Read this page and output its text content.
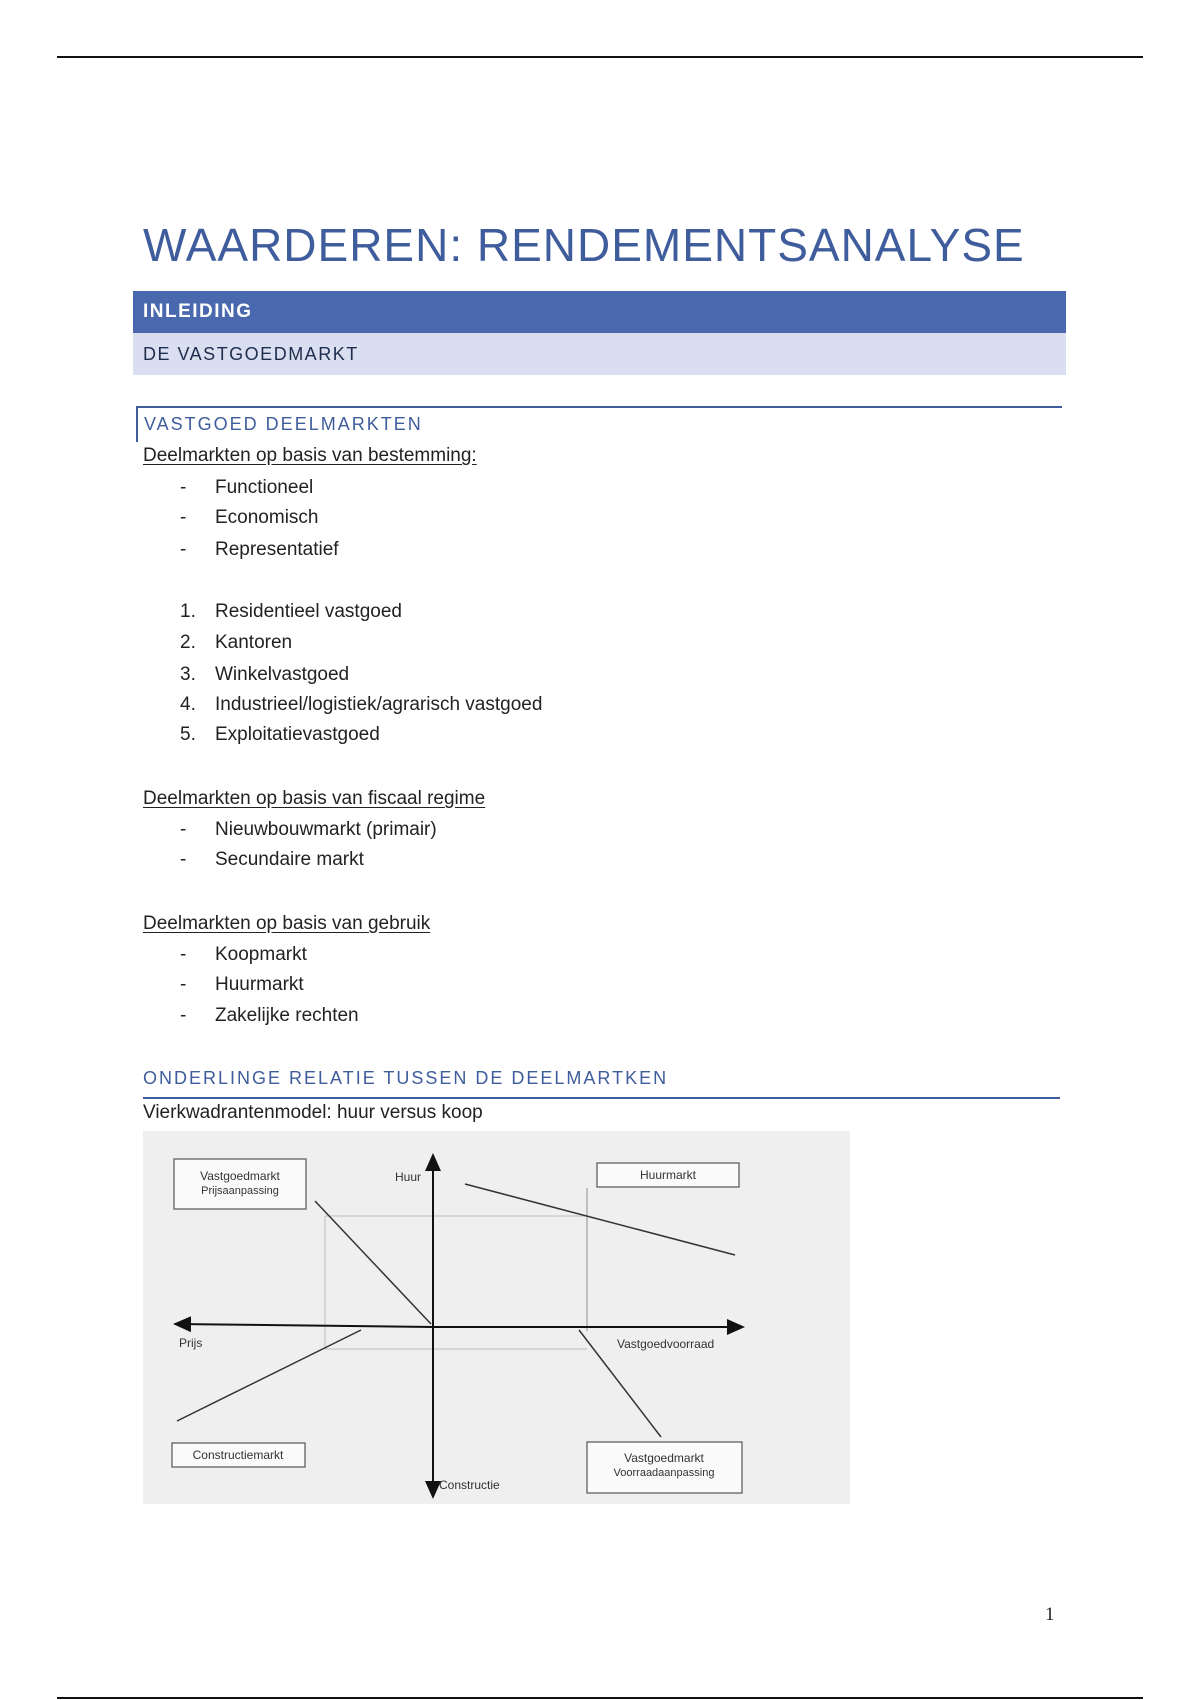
WAARDEREN: RENDEMENTSANALYSE
INLEIDING
DE VASTGOEDMARKT
VASTGOED DEELMARKTEN
Deelmarkten op basis van bestemming:
-	Functioneel
-	Economisch
-	Representatief
1.	Residentieel vastgoed
2.	Kantoren
3.	Winkelvastgoed
4.	Industrieel/logistiek/agrarisch vastgoed
5.	Exploitatievastgoed
Deelmarkten op basis van fiscaal regime
-	Nieuwbouwmarkt (primair)
-	Secundaire markt
Deelmarkten op basis van gebruik
-	Koopmarkt
-	Huurmarkt
-	Zakelijke rechten
ONDERLINGE RELATIE TUSSEN DE DEELMARTKEN
Vierkwadrantenmodel: huur versus koop
Huur
Prijs	Vastgoedvoorraad
Constructie
Vastgoedmarkt
Prijsaanpassing
Huurmarkt
Constructiemarkt	Vastgoedmarkt
Voorraadaanpassing
1
